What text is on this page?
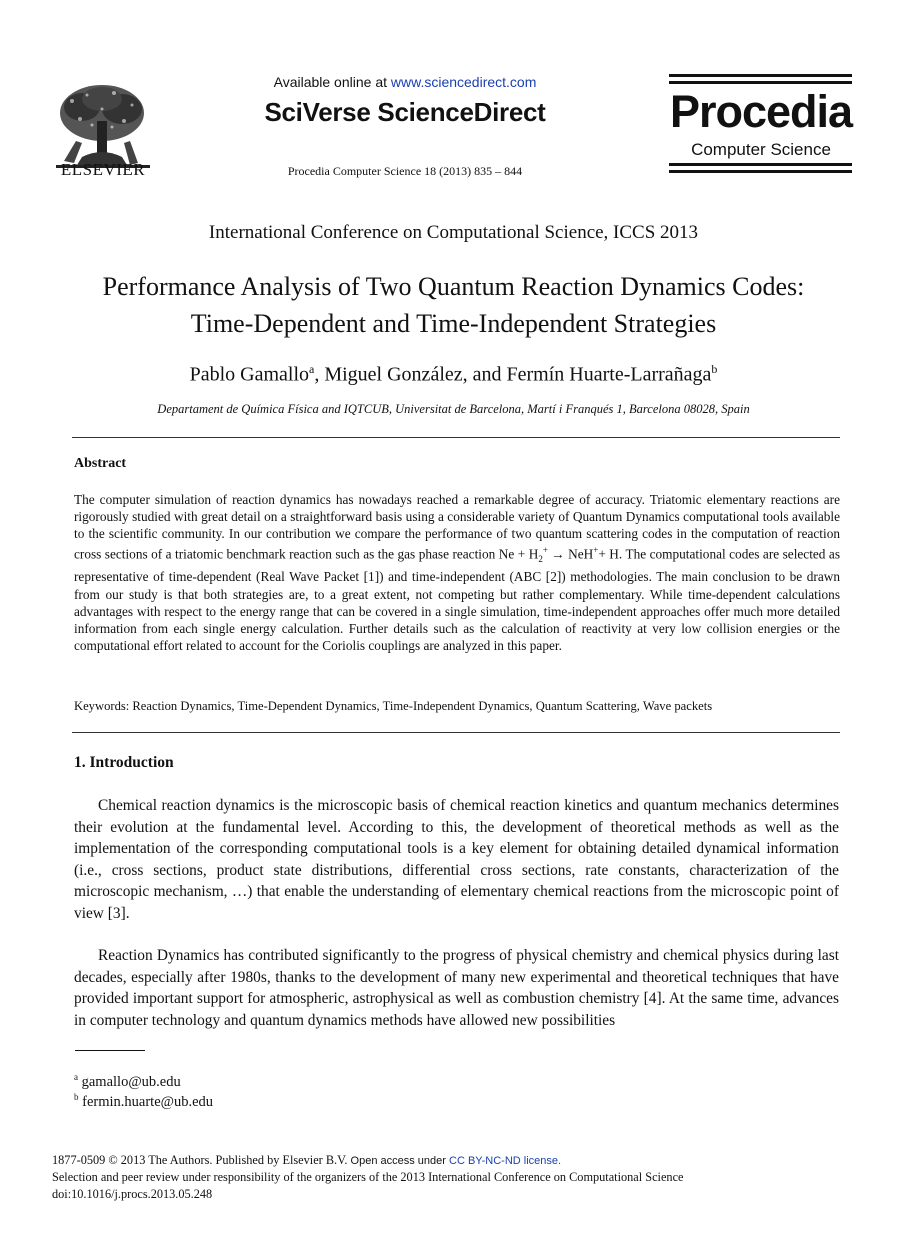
ELSEVIER
Available online at www.sciencedirect.com
SciVerse ScienceDirect
Procedia Computer Science 18 (2013) 835 – 844
Procedia
Computer Science
International Conference on Computational Science, ICCS 2013
Performance Analysis of Two Quantum Reaction Dynamics Codes:
Time-Dependent and Time-Independent Strategies
Pablo Gamallo$^a$, Miguel González, and Fermín Huarte-Larrañaga$^b$
Departament de Química Física and IQTCUB, Universitat de Barcelona, Martí i Franqués 1, Barcelona 08028, Spain
Abstract
The computer simulation of reaction dynamics has nowadays reached a remarkable degree of accuracy. Triatomic elementary reactions are rigorously studied with great detail on a straightforward basis using a considerable variety of Quantum Dynamics computational tools available to the scientific community. In our contribution we compare the performance of two quantum scattering codes in the computation of reaction cross sections of a triatomic benchmark reaction such as the gas phase reaction $Ne + H_2^+ \to NeH^++ H$. The computational codes are selected as representative of time-dependent (Real Wave Packet [1]) and time-independent (ABC [2]) methodologies. The main conclusion to be drawn from our study is that both strategies are, to a great extent, not competing but rather complementary. While time-dependent calculations advantages with respect to the energy range that can be covered in a single simulation, time-independent approaches offer much more detailed information from each single energy calculation. Further details such as the calculation of reactivity at very low collision energies or the computational effort related to account for the Coriolis couplings are analyzed in this paper.
Keywords: Reaction Dynamics, Time-Dependent Dynamics, Time-Independent Dynamics, Quantum Scattering, Wave packets
1. Introduction
Chemical reaction dynamics is the microscopic basis of chemical reaction kinetics and quantum mechanics determines their evolution at the fundamental level. According to this, the development of theoretical methods as well as the implementation of the corresponding computational tools is a key element for obtaining detailed dynamical information (i.e., cross sections, product state distributions, differential cross sections, rate constants, characterization of the microscopic mechanism, …) that enable the understanding of elementary chemical reactions from the microscopic point of view [3].
Reaction Dynamics has contributed significantly to the progress of physical chemistry and chemical physics during last decades, especially after 1980s, thanks to the development of many new experimental and theoretical techniques that have provided important support for atmospheric, astrophysical as well as combustion chemistry [4]. At the same time, advances in computer technology and quantum dynamics methods have allowed new possibilities
$^a$ gamallo@ub.edu
$^b$ fermin.huarte@ub.edu
1877-0509 © 2013 The Authors. Published by Elsevier B.V. Open access under CC BY-NC-ND license.
Selection and peer review under responsibility of the organizers of the 2013 International Conference on Computational Science
doi:10.1016/j.procs.2013.05.248
